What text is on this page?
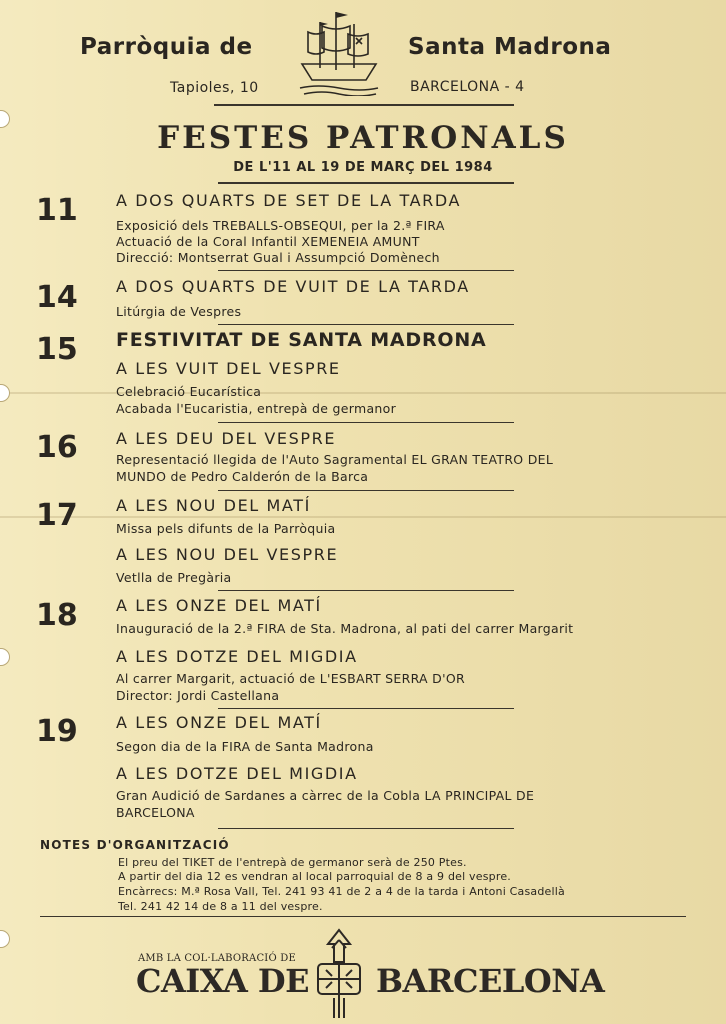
Parròquia de	Santa Madrona
Tapioles, 10	BARCELONA - 4
FESTES PATRONALS
DE L'11 AL 19 DE MARÇ DEL 1984
11 A DOS QUARTS DE SET DE LA TARDA
Exposició dels TREBALLS-OBSEQUI, per la 2.ª FIRA
Actuació de la Coral Infantil XEMENEIA AMUNT
Direcció: Montserrat Gual i Assumpció Domènech
14 A DOS QUARTS DE VUIT DE LA TARDA
Litúrgia de Vespres
15 FESTIVITAT DE SANTA MADRONA
A LES VUIT DEL VESPRE
Celebració Eucarística
Acabada l'Eucaristia, entrepà de germanor
16 A LES DEU DEL VESPRE
Representació llegida de l'Auto Sagramental EL GRAN TEATRO DEL
MUNDO de Pedro Calderón de la Barca
17 A LES NOU DEL MATÍ
Missa pels difunts de la Parròquia
A LES NOU DEL VESPRE
Vetlla de Pregària
18 A LES ONZE DEL MATÍ
Inauguració de la 2.ª FIRA de Sta. Madrona, al pati del carrer Margarit
A LES DOTZE DEL MIGDIA
Al carrer Margarit, actuació de L'ESBART SERRA D'OR
Director: Jordi Castellana
19 A LES ONZE DEL MATÍ
Segon dia de la FIRA de Santa Madrona
A LES DOTZE DEL MIGDIA
Gran Audició de Sardanes a càrrec de la Cobla LA PRINCIPAL DE
BARCELONA
NOTES D'ORGANITZACIÓ
El preu del TIKET de l'entrepà de germanor serà de 250 Ptes.
A partir del dia 12 es vendran al local parroquial de 8 a 9 del vespre.
Encàrrecs: M.ª Rosa Vall, Tel. 241 93 41 de 2 a 4 de la tarda i Antoni Casadellà
Tel. 241 42 14 de 8 a 11 del vespre.
AMB LA COL·LABORACIÓ DE
CAIXA DE BARCELONA
